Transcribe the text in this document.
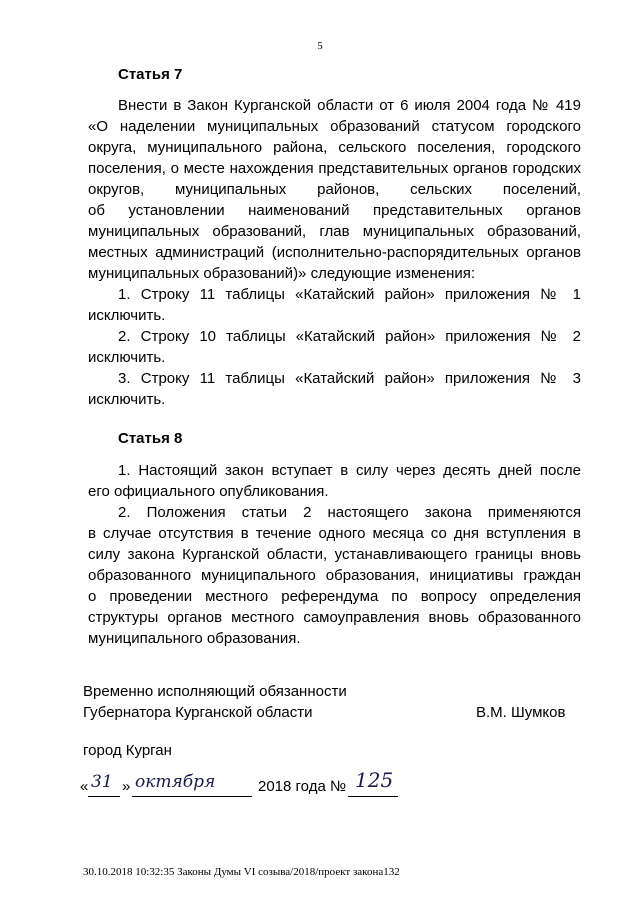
5
Статья 7
Внести в Закон Курганской области от 6 июля 2004 года № 419
«О наделении муниципальных образований статусом городского
округа, муниципального района, сельского поселения, городского
поселения, о месте нахождения представительных органов городских
округов, муниципальных районов, сельских поселений,
об установлении наименований представительных органов
муниципальных образований, глав муниципальных образований,
местных администраций (исполнительно-распорядительных органов
муниципальных образований)» следующие изменения:
1. Строку 11 таблицы «Катайский район» приложения № 1
исключить.
2. Строку 10 таблицы «Катайский район» приложения № 2
исключить.
3. Строку 11 таблицы «Катайский район» приложения № 3
исключить.
Статья 8
1. Настоящий закон вступает в силу через десять дней после
его официального опубликования.
2. Положения статьи 2 настоящего закона применяются
в случае отсутствия в течение одного месяца со дня вступления в
силу закона Курганской области, устанавливающего границы вновь
образованного муниципального образования, инициативы граждан
о проведении местного референдума по вопросу определения
структуры органов местного самоуправления вновь образованного
муниципального образования.
Временно исполняющий обязанности
Губернатора Курганской области	В.М. Шумков
город Курган
« 31 » октября	2018 года № 125
30.10.2018 10:32:35 Законы Думы VI созыва/2018/проект закона132
